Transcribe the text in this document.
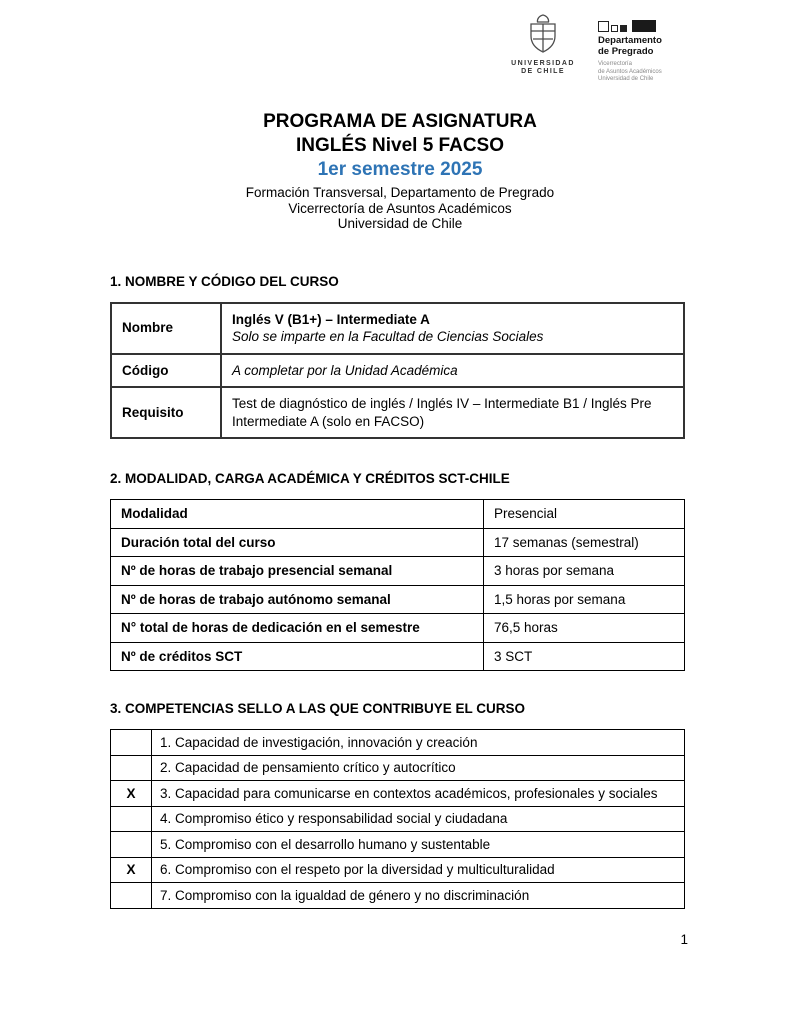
UNIVERSIDAD
DE CHILE
Departamento
de Pregrado
Vicerrectoría
de Asuntos Académicos
Universidad de Chile
PROGRAMA DE ASIGNATURA
INGLÉS Nivel 5 FACSO
1er semestre 2025
Formación Transversal, Departamento de Pregrado
Vicerrectoría de Asuntos Académicos
Universidad de Chile
1. NOMBRE Y CÓDIGO DEL CURSO
Nombre	Inglés V (B1+) – Intermediate A
Solo se imparte en la Facultad de Ciencias Sociales

Código	A completar por la Unidad Académica

Requisito	Test de diagnóstico de inglés / Inglés IV – Intermediate B1 / Inglés Pre Intermediate A (solo en FACSO)
2. MODALIDAD, CARGA ACADÉMICA Y CRÉDITOS SCT-CHILE
Modalidad	Presencial
Duración total del curso	17 semanas (semestral)
Nº de horas de trabajo presencial semanal	3 horas por semana
Nº de horas de trabajo autónomo semanal	1,5 horas por semana
N° total de horas de dedicación en el semestre	76,5 horas
Nº de créditos SCT	3 SCT
3. COMPETENCIAS SELLO A LAS QUE CONTRIBUYE EL CURSO
	1. Capacidad de investigación, innovación y creación
	2. Capacidad de pensamiento crítico y autocrítico
X	3. Capacidad para comunicarse en contextos académicos, profesionales y sociales
	4. Compromiso ético y responsabilidad social y ciudadana
	5. Compromiso con el desarrollo humano y sustentable
X	6. Compromiso con el respeto por la diversidad y multiculturalidad
	7. Compromiso con la igualdad de género y no discriminación
1
